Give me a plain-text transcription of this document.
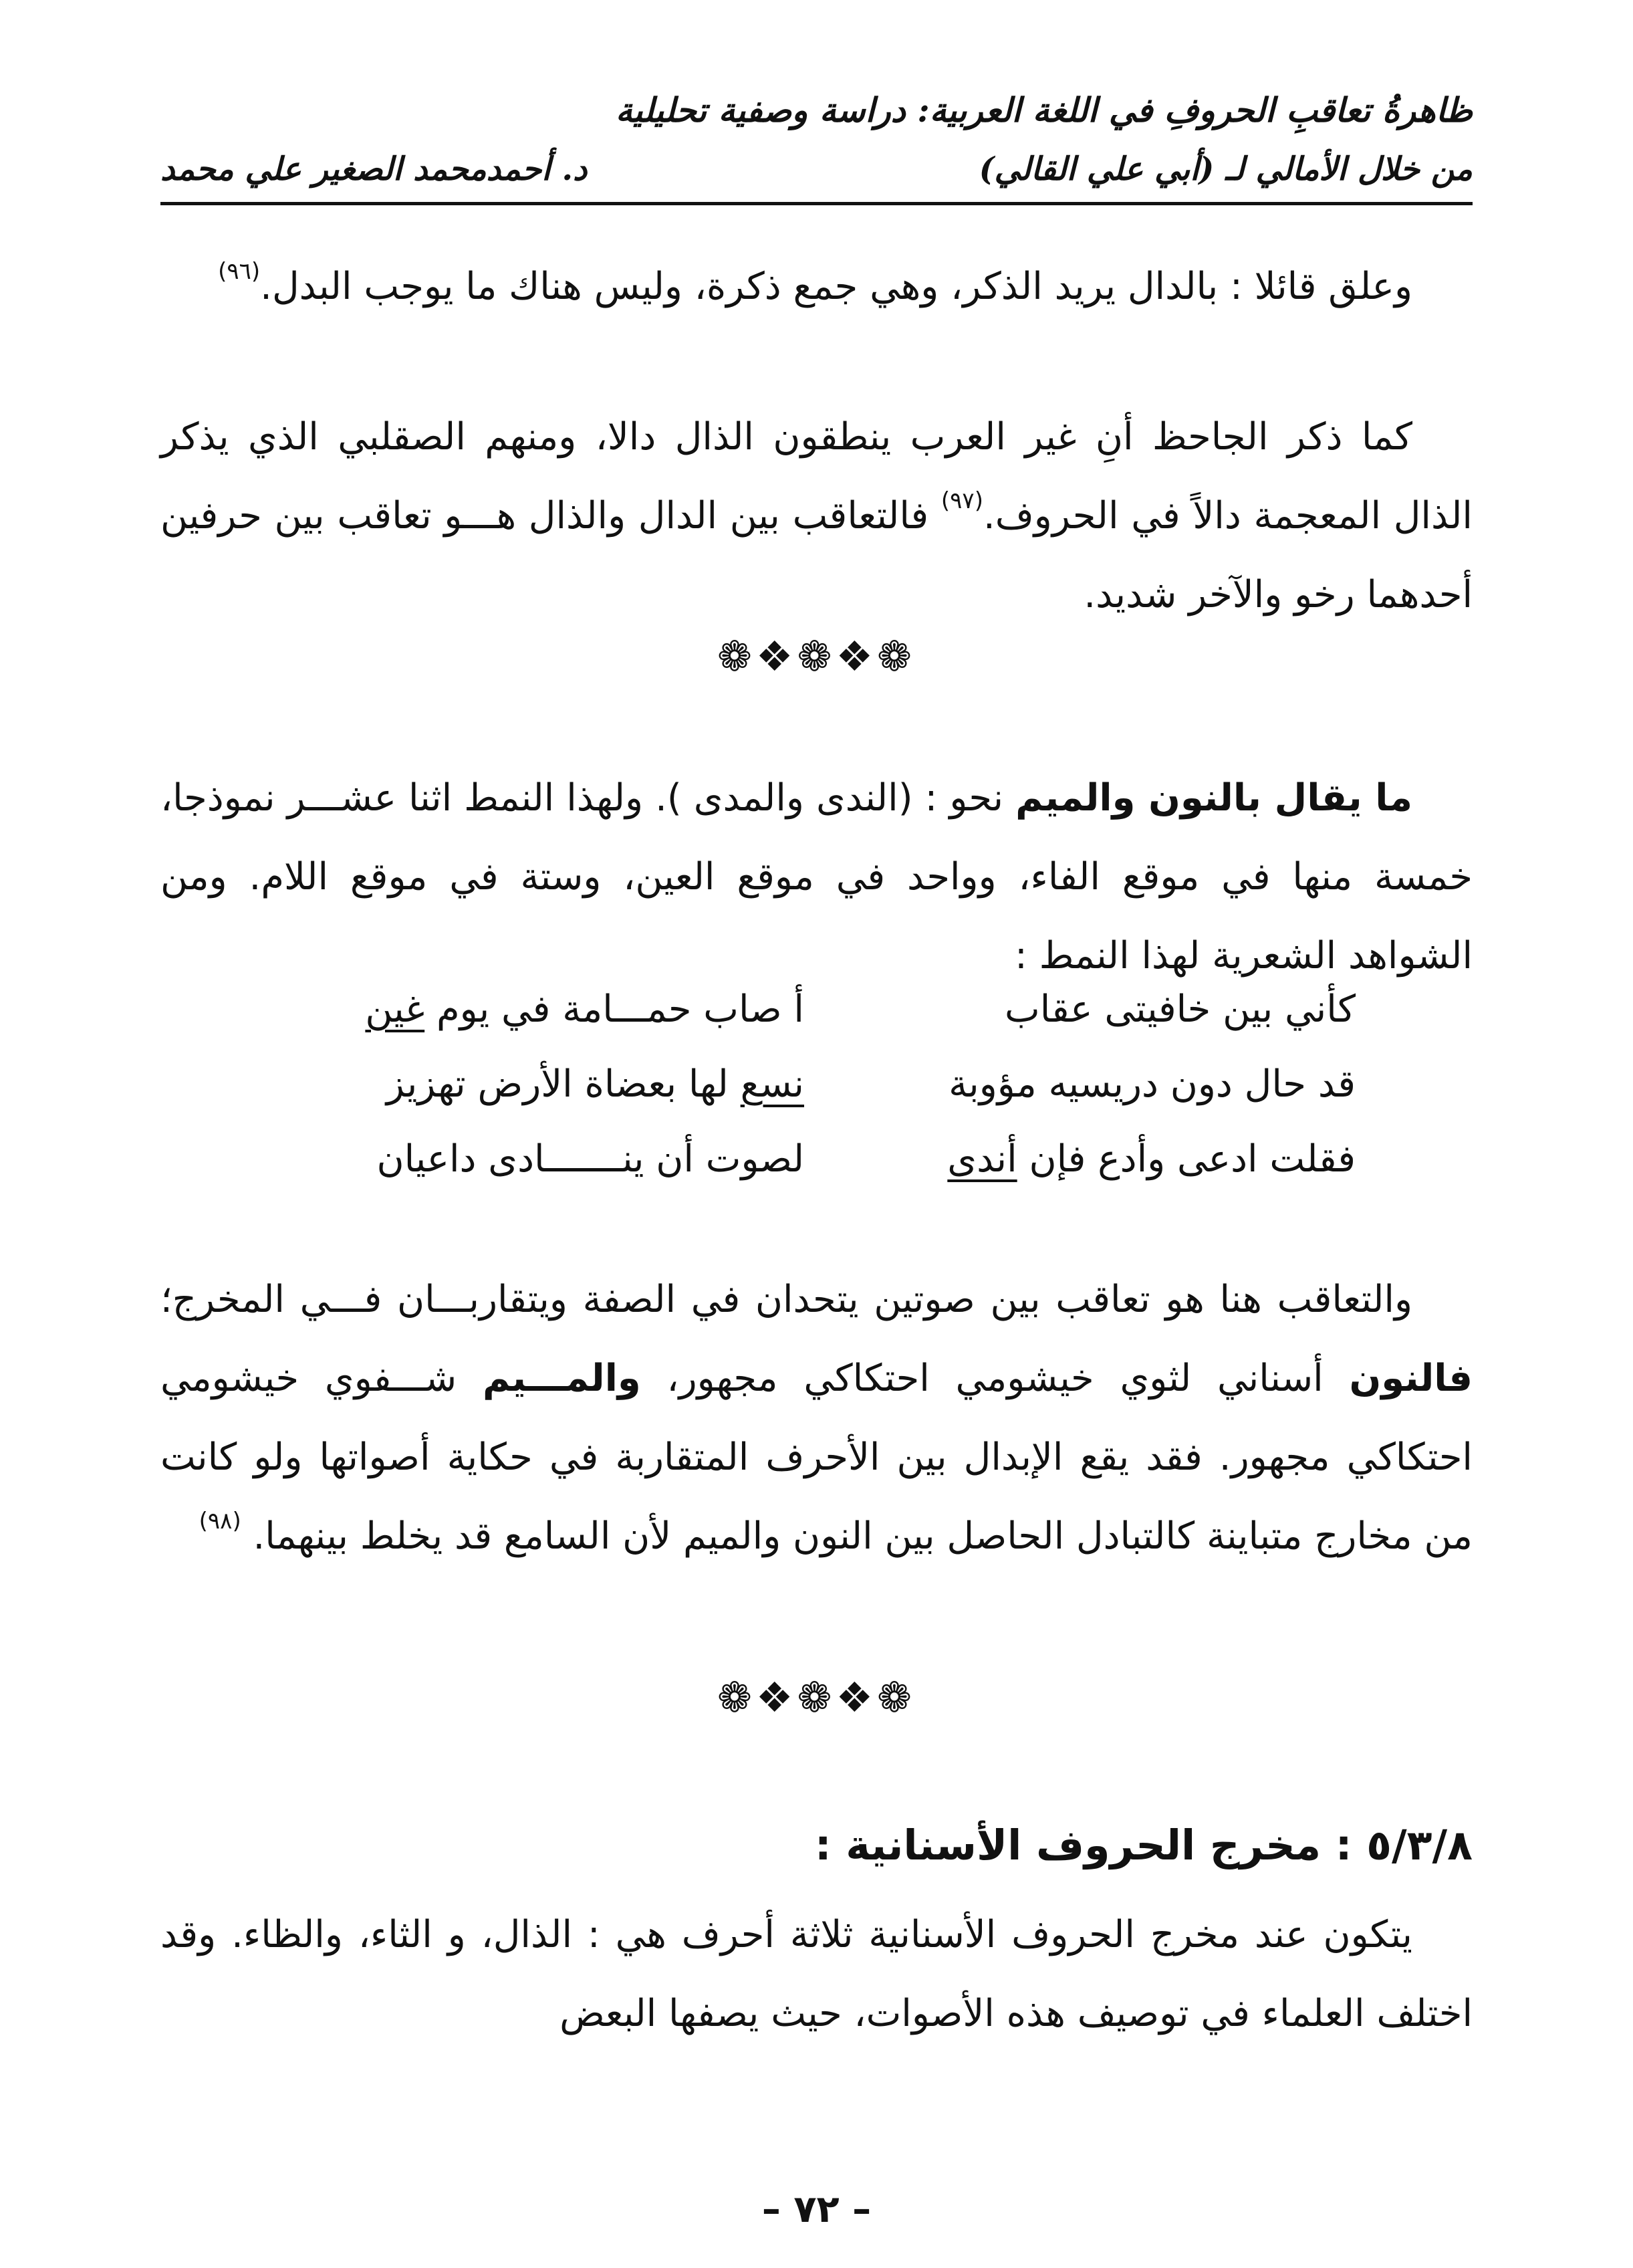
ظاهرةُ تعاقبِ الحروفِ في اللغة العربية: دراسة وصفية تحليلية
من خلال الأمالي لـ (أبي علي القالي)
د. أحمدمحمد الصغير علي محمد
وعلق قائلا : بالدال يريد الذكر، وهي جمع ذكرة، وليس هناك ما يوجب البدل.$^{(٩٦)}$
كما ذكر الجاحظ أنِ غير العرب ينطقون الذال دالا، ومنهم الصقلبي الذي يذكر الذال المعجمة دالاً في الحروف.$^{(٩٧)}$ فالتعاقب بين الدال والذال هـــو تعاقب بين حرفين أحدهما رخو والآخر شديد.
❁❖❁❖❁
ما يقال بالنون والميم نحو : (الندى والمدى ). ولهذا النمط اثنا عشـــر نموذجا، خمسة منها في موقع الفاء، وواحد في موقع العين، وستة في موقع اللام. ومن الشواهد الشعرية لهذا النمط :
كأني بين خافيتى عقاب
أ صاب حمـــامة في يوم غين
قد حال دون دريسيه مؤوبة
نسع لها بعضاة الأرض تهزيز
فقلت ادعى وأدع فإن أندى
لصوت أن ينـــــــادى داعيان
والتعاقب هنا هو تعاقب بين صوتين يتحدان في الصفة ويتقاربـــان فـــي المخرج؛ فالنون أسناني لثوي خيشومي احتكاكي مجهور، والمـــيم شـــفوي خيشومي احتكاكي مجهور. فقد يقع الإبدال بين الأحرف المتقاربة في حكاية أصواتها ولو كانت من مخارج متباينة كالتبادل الحاصل بين النون والميم لأن السامع قد يخلط بينهما. $^{(٩٨)}$
❁❖❁❖❁
٥/٣/٨ : مخرج الحروف الأسنانية :
يتكون عند مخرج الحروف الأسنانية ثلاثة أحرف هي : الذال، و الثاء، والظاء. وقد اختلف العلماء في توصيف هذه الأصوات، حيث يصفها البعض
– ٧٢ –
